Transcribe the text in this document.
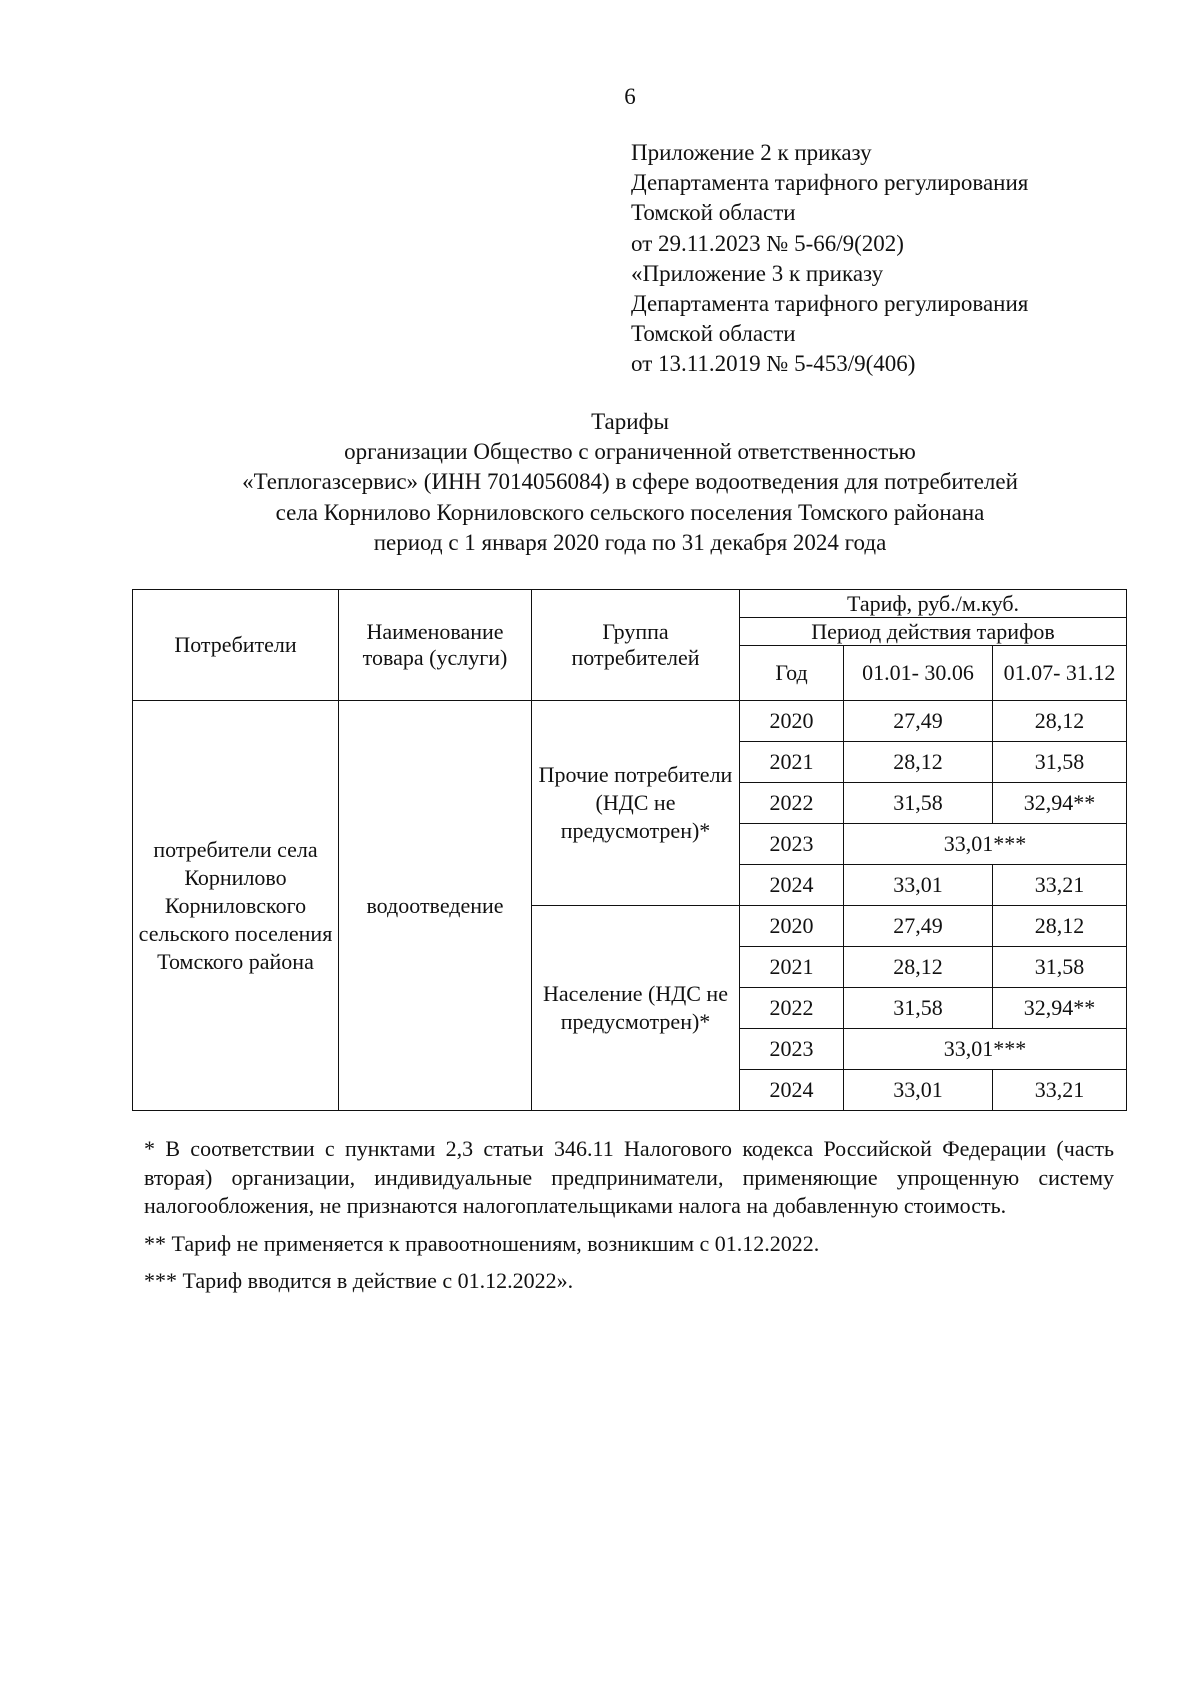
6
Приложение 2 к приказу
Департамента тарифного регулирования
Томской области
от 29.11.2023 № 5-66/9(202)
«Приложение 3 к приказу
Департамента тарифного регулирования
Томской области
от 13.11.2019 № 5-453/9(406)
Тарифы
организации Общество с ограниченной ответственностью
«Теплогазсервис» (ИНН 7014056084) в сфере водоотведения для потребителей
села Корнилово Корниловского сельского поселения Томского районана
период с 1 января 2020 года по 31 декабря 2024 года
Потребители	Наименование товара (услуги)	Группа потребителей	Тариф, руб./м.куб.		
			Период действия тарифов		
			Год	01.01- 30.06	01.07- 31.12
потребители села Корнилово Корниловского сельского поселения Томского района	водоотведение	Прочие потребители (НДС не предусмотрен)*	2020	27,49	28,12
			2021	28,12	31,58
			2022	31,58	32,94**
			2023	33,01***	
			2024	33,01	33,21
		Население (НДС не предусмотрен)*	2020	27,49	28,12
			2021	28,12	31,58
			2022	31,58	32,94**
			2023	33,01***	
			2024	33,01	33,21

* В соответствии с пунктами 2,3 статьи 346.11 Налогового кодекса Российской Федерации (часть вторая) организации, индивидуальные предприниматели, применяющие упрощенную систему налогообложения, не признаются налогоплательщиками налога на добавленную стоимость.

** Тариф не применяется к правоотношениям, возникшим с 01.12.2022.

*** Тариф вводится в действие с 01.12.2022».
